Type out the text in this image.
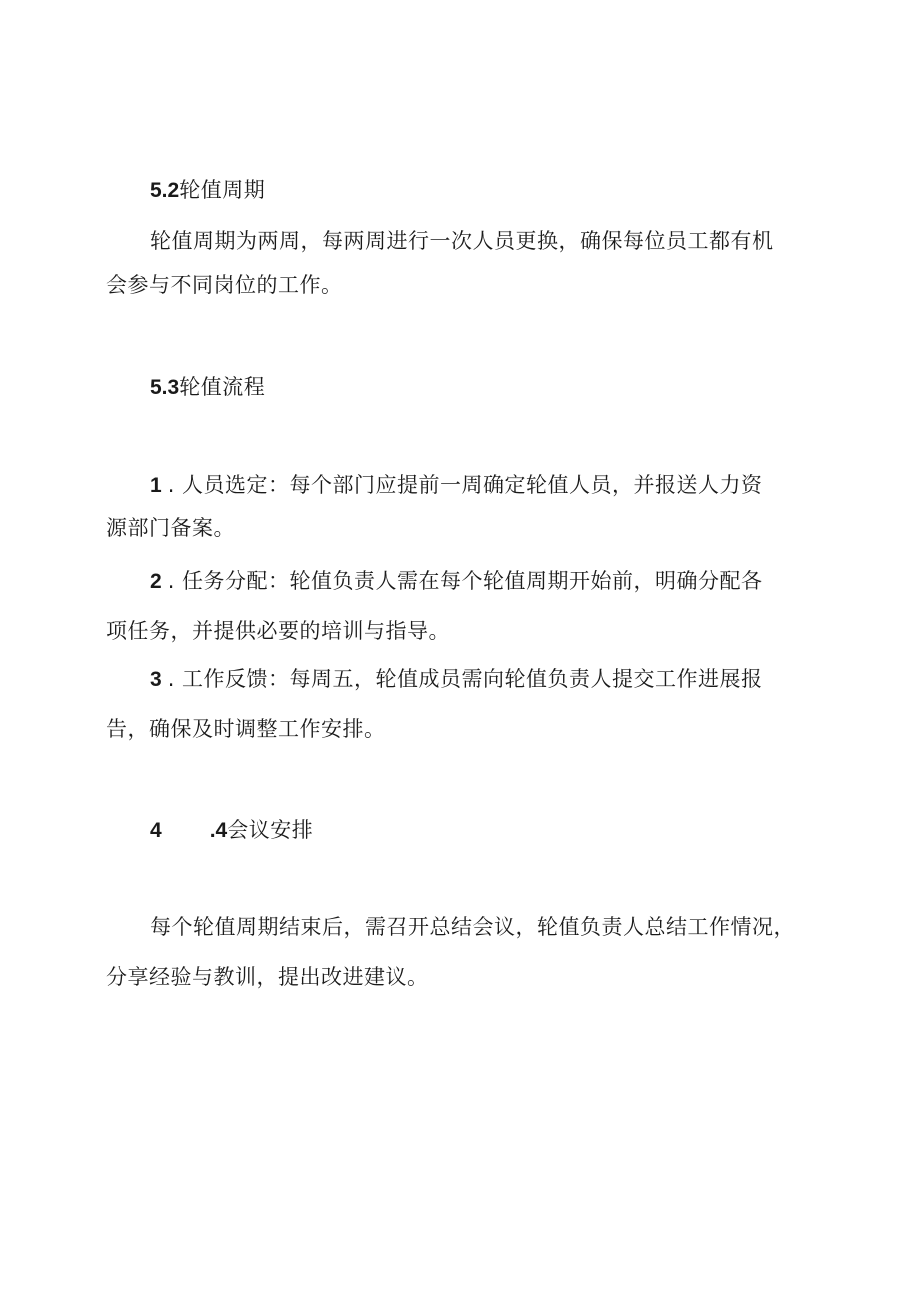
5.2轮值周期
轮值周期为两周，每两周进行一次人员更换，确保每位员工都有机
会参与不同岗位的工作。
5.3轮值流程
1 . 人员选定：每个部门应提前一周确定轮值人员，并报送人力资
源部门备案。
2 . 任务分配：轮值负责人需在每个轮值周期开始前，明确分配各
项任务，并提供必要的培训与指导。
3 . 工作反馈：每周五，轮值成员需向轮值负责人提交工作进展报
告，确保及时调整工作安排。
4 .4会议安排
每个轮值周期结束后，需召开总结会议，轮值负责人总结工作情况，
分享经验与教训，提出改进建议。
